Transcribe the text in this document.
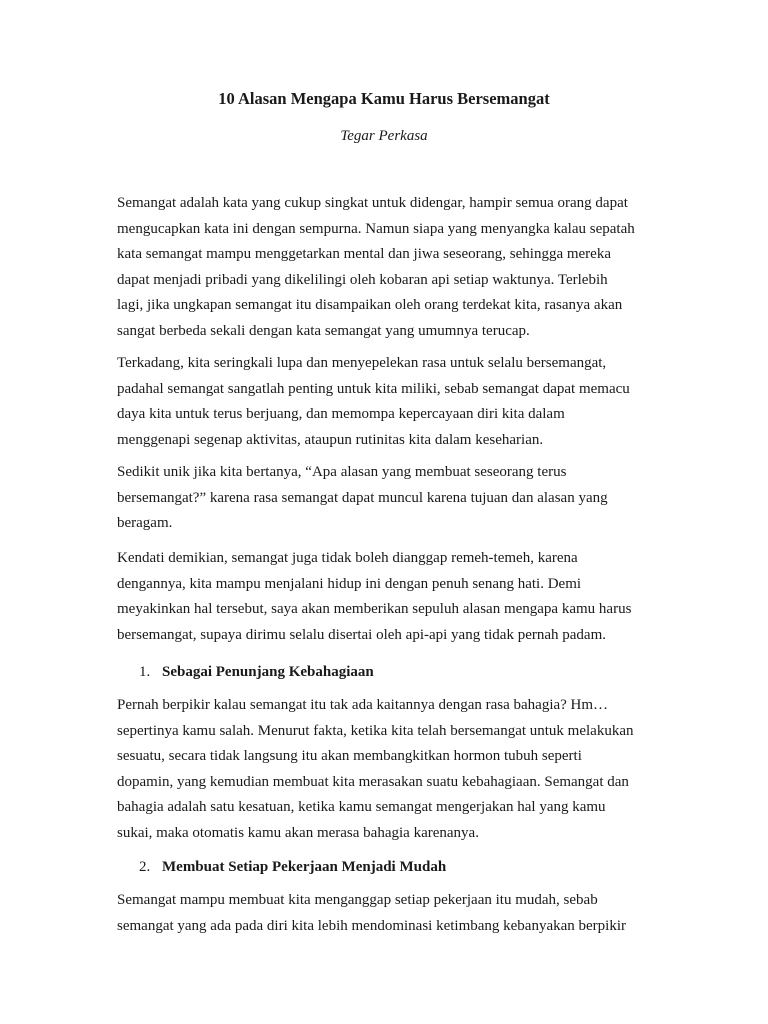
10 Alasan Mengapa Kamu Harus Bersemangat

Tegar Perkasa

Semangat adalah kata yang cukup singkat untuk didengar, hampir semua orang dapat
mengucapkan kata ini dengan sempurna. Namun siapa yang menyangka kalau sepatah
kata semangat mampu menggetarkan mental dan jiwa seseorang, sehingga mereka
dapat menjadi pribadi yang dikelilingi oleh kobaran api setiap waktunya. Terlebih
lagi, jika ungkapan semangat itu disampaikan oleh orang terdekat kita, rasanya akan
sangat berbeda sekali dengan kata semangat yang umumnya terucap.

Terkadang, kita seringkali lupa dan menyepelekan rasa untuk selalu bersemangat,
padahal semangat sangatlah penting untuk kita miliki, sebab semangat dapat memacu
daya kita untuk terus berjuang, dan memompa kepercayaan diri kita dalam
menggenapi segenap aktivitas, ataupun rutinitas kita dalam keseharian.

Sedikit unik jika kita bertanya, “Apa alasan yang membuat seseorang terus
bersemangat?” karena rasa semangat dapat muncul karena tujuan dan alasan yang
beragam.

Kendati demikian, semangat juga tidak boleh dianggap remeh-temeh, karena
dengannya, kita mampu menjalani hidup ini dengan penuh senang hati. Demi
meyakinkan hal tersebut, saya akan memberikan sepuluh alasan mengapa kamu harus
bersemangat, supaya dirimu selalu disertai oleh api-api yang tidak pernah padam.

1. Sebagai Penunjang Kebahagiaan

Pernah berpikir kalau semangat itu tak ada kaitannya dengan rasa bahagia? Hm…
sepertinya kamu salah. Menurut fakta, ketika kita telah bersemangat untuk melakukan
sesuatu, secara tidak langsung itu akan membangkitkan hormon tubuh seperti
dopamin, yang kemudian membuat kita merasakan suatu kebahagiaan. Semangat dan
bahagia adalah satu kesatuan, ketika kamu semangat mengerjakan hal yang kamu
sukai, maka otomatis kamu akan merasa bahagia karenanya.

2. Membuat Setiap Pekerjaan Menjadi Mudah

Semangat mampu membuat kita menganggap setiap pekerjaan itu mudah, sebab
semangat yang ada pada diri kita lebih mendominasi ketimbang kebanyakan berpikir
